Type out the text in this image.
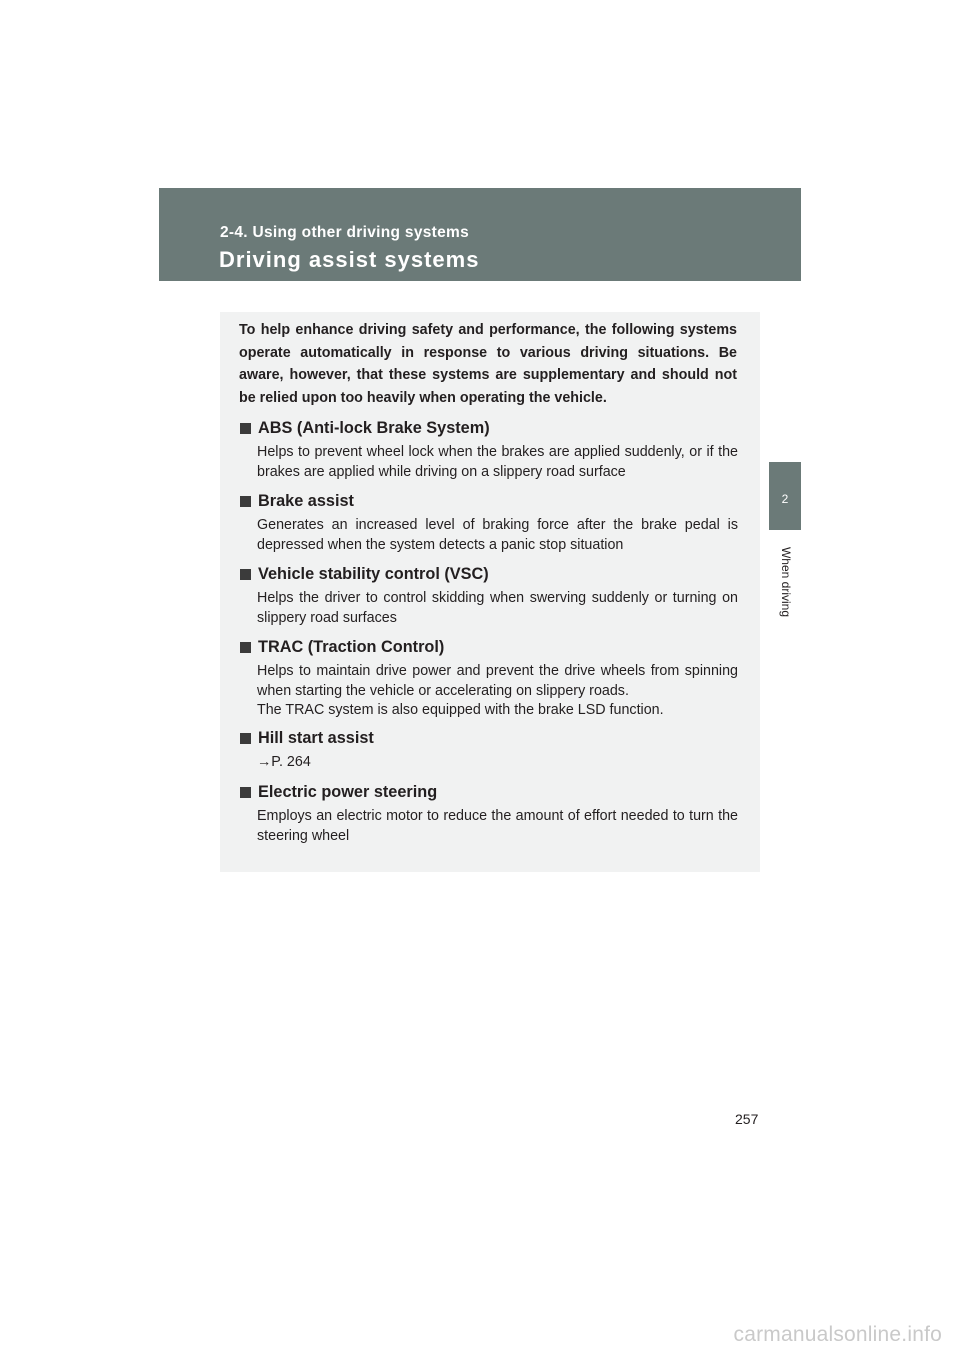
2-4. Using other driving systems
Driving assist systems
2
When driving

To help enhance driving safety and performance, the following systems operate automatically in response to various driving situations. Be aware, however, that these systems are supplementary and should not be relied upon too heavily when operating the vehicle.

ABS (Anti-lock Brake System)

Helps to prevent wheel lock when the brakes are applied suddenly, or if the brakes are applied while driving on a slippery road surface

Brake assist

Generates an increased level of braking force after the brake pedal is depressed when the system detects a panic stop situation

Vehicle stability control (VSC)

Helps the driver to control skidding when swerving suddenly or turning on slippery road surfaces

TRAC (Traction Control)

Helps to maintain drive power and prevent the drive wheels from spinning when starting the vehicle or accelerating on slippery roads.

The TRAC system is also equipped with the brake LSD function.

Hill start assist

→P. 264

Electric power steering

Employs an electric motor to reduce the amount of effort needed to turn the steering wheel

257
carmanualsonline.info
